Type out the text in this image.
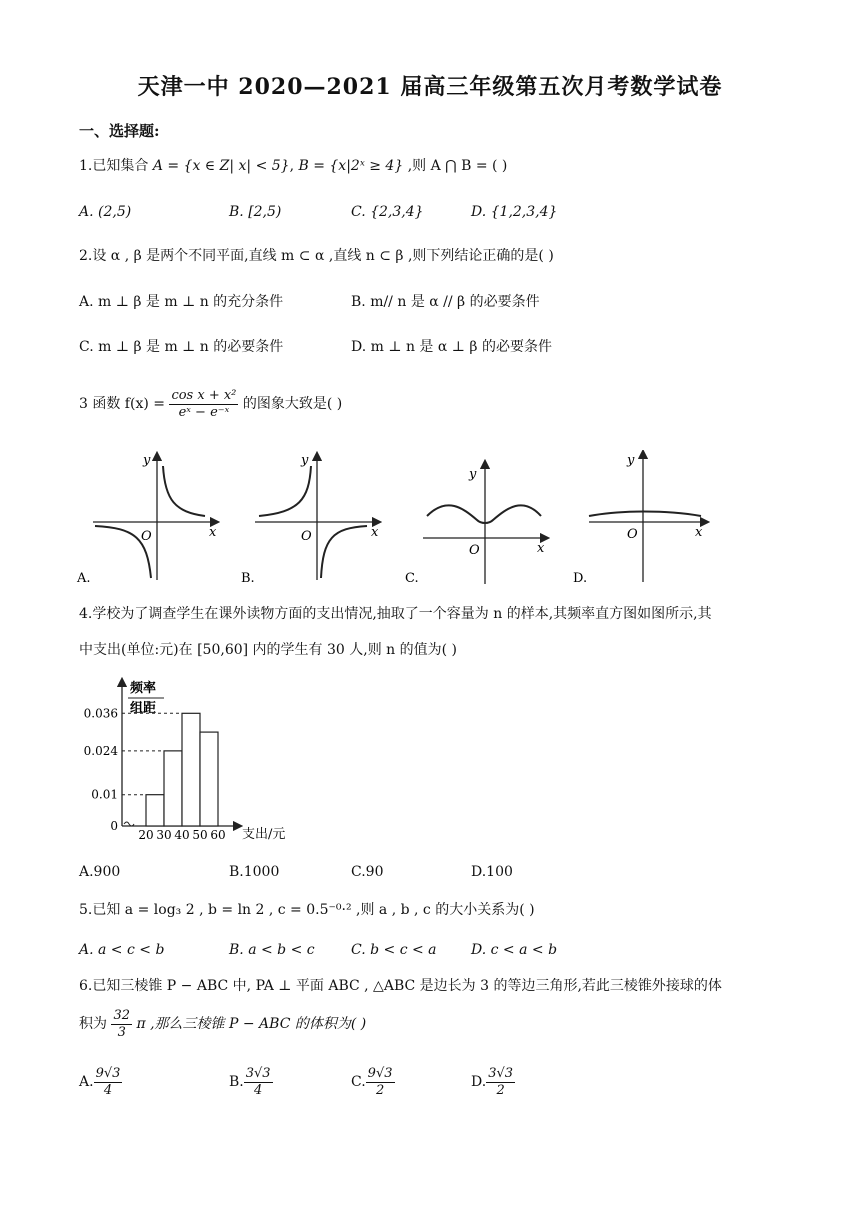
天津一中 2020—2021 届高三年级第五次月考数学试卷
一、选择题:
1.已知集合 A = {x ∈ Z| x| < 5}, B = {x|2ˣ ≥ 4} ,则 A ⋂ B = ( )
A. (2,5)	B. [2,5)	C. {2,3,4}	D. {1,2,3,4}
2.设 α , β 是两个不同平面,直线 m ⊂ α ,直线 n ⊂ β ,则下列结论正确的是( )
A. m ⊥ β 是 m ⊥ n 的充分条件	B. m// n 是 α // β 的必要条件
C. m ⊥ β 是 m ⊥ n 的必要条件	D. m ⊥ n 是 α ⊥ β 的必要条件
3 函数 $f(x) = \frac{\text{cos x + x²}}{\text{eˣ − e⁻ˣ}}$ 的图象大致是( )
y
x
O
A.
y
x
O
B.
y
x
O
C.
y
x
O
D.
4.学校为了调查学生在课外读物方面的支出情况,抽取了一个容量为 n 的样本,其频率直方图如图所示,其
中支出(单位:元)在 [50,60] 内的学生有 30 人,则 n 的值为( )
频率
组距
0
0.01
0.024
0.036
20 30 40 50 60 支出/元
A.900	B.1000	C.90	D.100
5.已知 a = log₃ 2 , b = ln 2 , c = 0.5⁻⁰·² ,则 a , b , c 的大小关系为( )
A. a < c < b	B. a < b < c	C. b < c < a D. c < a < b
6.已知三棱锥 P − ABC 中, PA ⊥ 平面 ABC , △ABC 是边长为 3 的等边三角形,若此三棱锥外接球的体
积为 $\frac{32}{3}$ π ,那么三棱锥 P − ABC 的体积为( )
A. $\frac{9√3}{4}$	B. $\frac{3√3}{4}$	C. $\frac{9√3}{2}$	D. $\frac{3√3}{2}$
